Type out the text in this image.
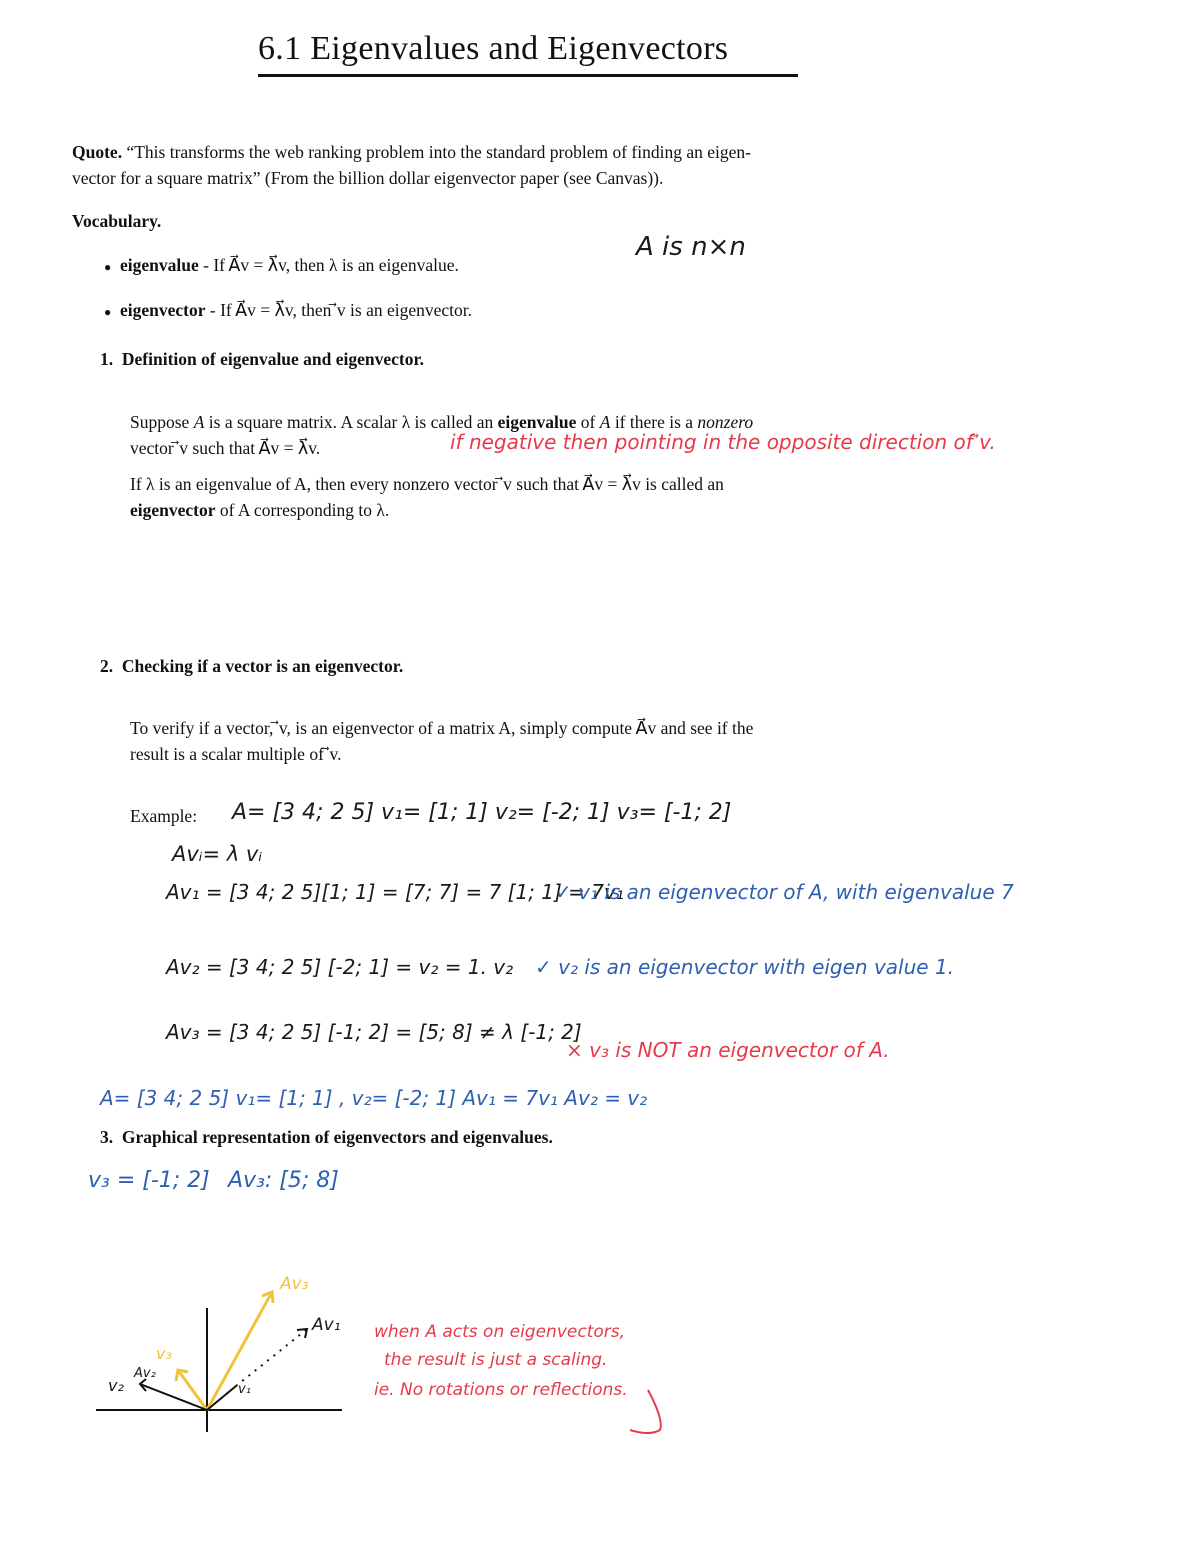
6.1 Eigenvalues and Eigenvectors
Quote. “This transforms the web ranking problem into the standard problem of finding an eigen-
vector for a square matrix” (From the billion dollar eigenvector paper (see Canvas)).
Vocabulary.
● eigenvalue - If A⃗v = λ⃗v, then λ is an eigenvalue.
● eigenvector - If A⃗v = λ⃗v, then ⃗v is an eigenvector.
A is n×n
1. Definition of eigenvalue and eigenvector.
Suppose A is a square matrix. A scalar λ is called an eigenvalue of A if there is a nonzero
vector ⃗v such that A⃗v = λ⃗v.	if negative then pointing in the opposite direction of ⃗v.
If λ is an eigenvalue of A, then every nonzero vector ⃗v such that A⃗v = λ⃗v is called an
eigenvector of A corresponding to λ.
2. Checking if a vector is an eigenvector.
To verify if a vector, ⃗v, is an eigenvector of a matrix A, simply compute A⃗v and see if the
result is a scalar multiple of ⃗v.
Example: A= [3 4; 2 5] v₁= [1; 1] v₂= [-2; 1] v₃= [-1; 2]
Avᵢ= λ vᵢ
Av₁ = [3 4; 2 5][1; 1] = [7; 7] = 7 [1; 1] = 7v₁
✓ v₁ is an eigenvector of A, with eigenvalue 7
Av₂ = [3 4; 2 5] [-2; 1] = v₂ = 1. v₂ ✓ v₂ is an eigenvector with eigen value 1.
Av₃ = [3 4; 2 5] [-1; 2] = [5; 8] ≠ λ [-1; 2]
× v₃ is NOT an eigenvector of A.
A= [3 4; 2 5] v₁= [1; 1] , v₂= [-2; 1] Av₁ = 7v₁ Av₂ = v₂
3. Graphical representation of eigenvectors and eigenvalues.
v₃ = [-1; 2] Av₃: [5; 8]
Av₃
Av₁
v₃
v₂
Av₂
v₁
when A acts on eigenvectors,
the result is just a scaling.
ie. No rotations or reflections.
